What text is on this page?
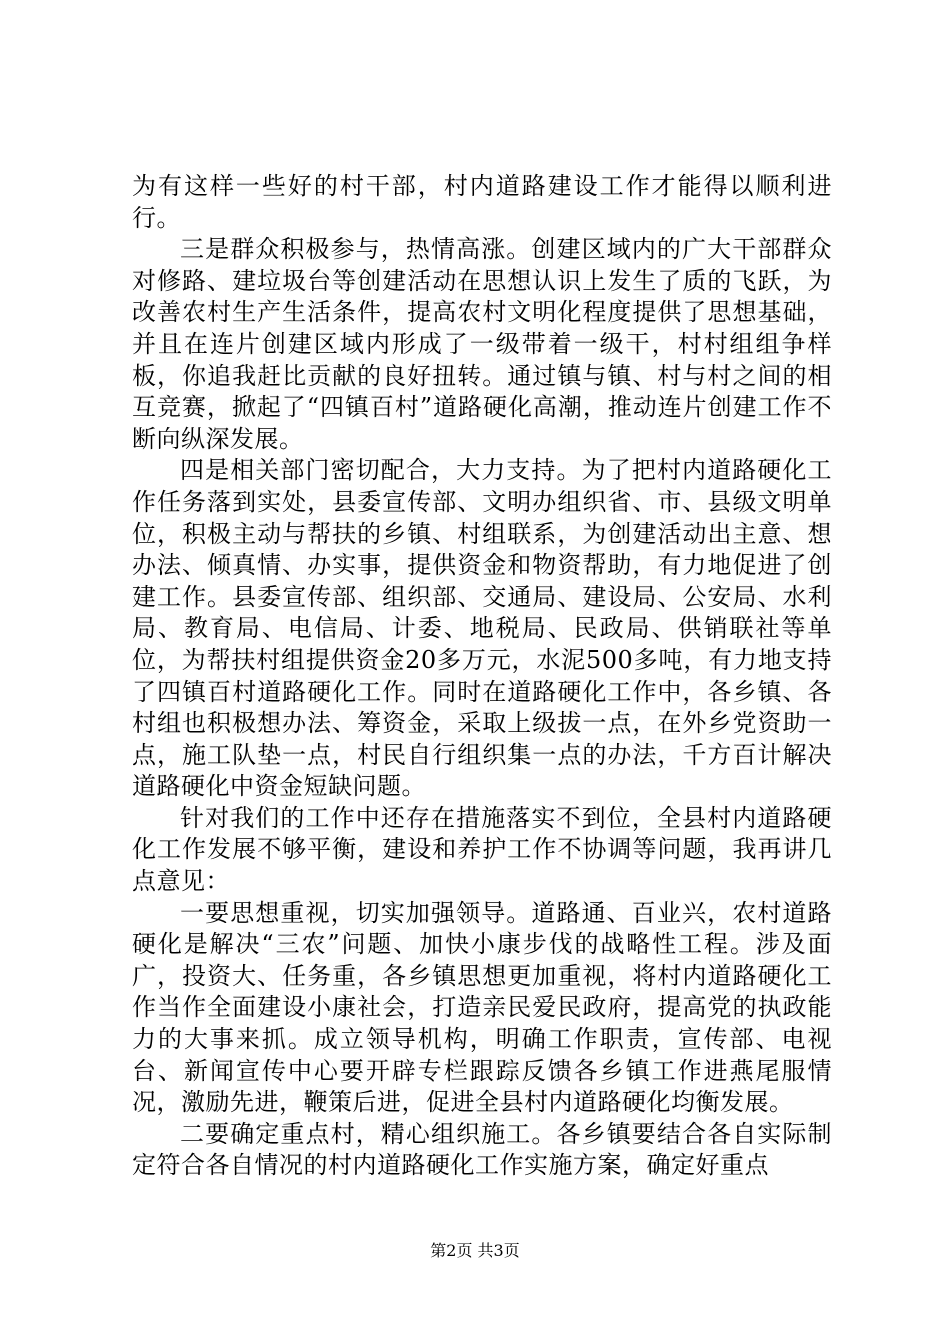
为有这样一些好的村干部，村内道路建设工作才能得以顺利进行。

三是群众积极参与，热情高涨。创建区域内的广大干部群众对修路、建垃圾台等创建活动在思想认识上发生了质的飞跃，为改善农村生产生活条件，提高农村文明化程度提供了思想基础，并且在连片创建区域内形成了一级带着一级干，村村组组争样板，你追我赶比贡献的良好扭转。通过镇与镇、村与村之间的相互竞赛，掀起了“四镇百村”道路硬化高潮，推动连片创建工作不断向纵深发展。

四是相关部门密切配合，大力支持。为了把村内道路硬化工作任务落到实处，县委宣传部、文明办组织省、市、县级文明单位，积极主动与帮扶的乡镇、村组联系，为创建活动出主意、想办法、倾真情、办实事，提供资金和物资帮助，有力地促进了创建工作。县委宣传部、组织部、交通局、建设局、公安局、水利局、教育局、电信局、计委、地税局、民政局、供销联社等单位，为帮扶村组提供资金20多万元，水泥500多吨，有力地支持了四镇百村道路硬化工作。同时在道路硬化工作中，各乡镇、各村组也积极想办法、筹资金，采取上级拔一点，在外乡党资助一点，施工队垫一点，村民自行组织集一点的办法，千方百计解决道路硬化中资金短缺问题。

针对我们的工作中还存在措施落实不到位，全县村内道路硬化工作发展不够平衡，建设和养护工作不协调等问题，我再讲几点意见：

一要思想重视，切实加强领导。道路通、百业兴，农村道路硬化是解决“三农”问题、加快小康步伐的战略性工程。涉及面广，投资大、任务重，各乡镇思想更加重视，将村内道路硬化工作当作全面建设小康社会，打造亲民爱民政府，提高党的执政能力的大事来抓。成立领导机构，明确工作职责，宣传部、电视台、新闻宣传中心要开辟专栏跟踪反馈各乡镇工作进燕尾服情况，激励先进，鞭策后进，促进全县村内道路硬化均衡发展。

二要确定重点村，精心组织施工。各乡镇要结合各自实际制定符合各自情况的村内道路硬化工作实施方案，确定好重点

第2页 共3页
